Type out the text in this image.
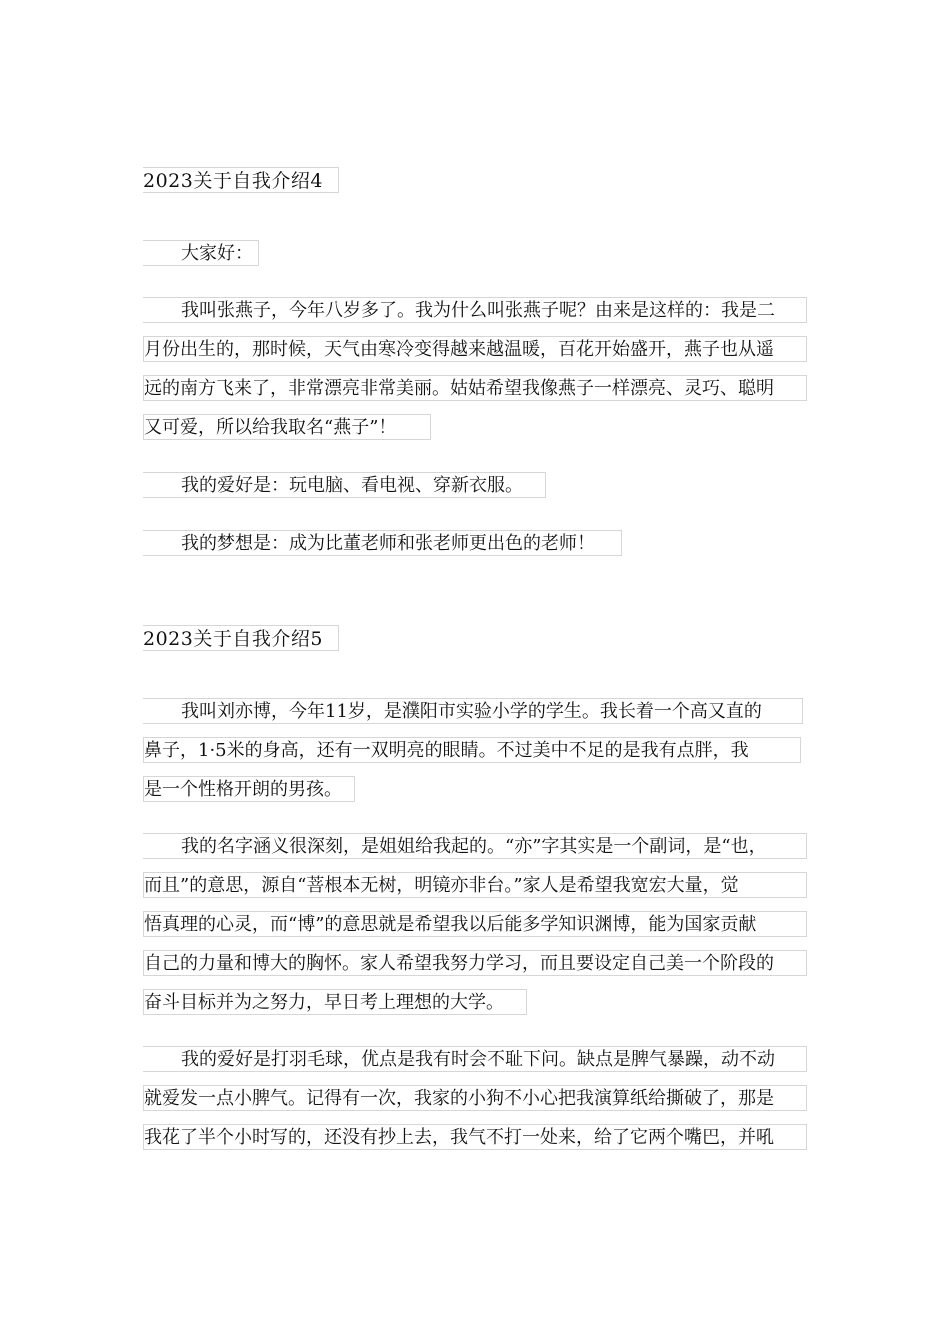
2023关于自我介绍4
大家好：
我叫张燕子，今年八岁多了。我为什么叫张燕子呢？由来是这样的：我是二
月份出生的，那时候，天气由寒冷变得越来越温暖，百花开始盛开，燕子也从遥
远的南方飞来了，非常漂亮非常美丽。姑姑希望我像燕子一样漂亮、灵巧、聪明
又可爱，所以给我取名“燕子”！
我的爱好是：玩电脑、看电视、穿新衣服。
我的梦想是：成为比董老师和张老师更出色的老师！
2023关于自我介绍5
我叫刘亦博，今年11岁，是濮阳市实验小学的学生。我长着一个高又直的
鼻子，1·5米的身高，还有一双明亮的眼睛。不过美中不足的是我有点胖，我
是一个性格开朗的男孩。
我的名字涵义很深刻，是姐姐给我起的。“亦”字其实是一个副词，是“也，
而且”的意思，源自“菩根本无树，明镜亦非台。”家人是希望我宽宏大量，觉
悟真理的心灵，而“博”的意思就是希望我以后能多学知识渊博，能为国家贡献
自己的力量和博大的胸怀。家人希望我努力学习，而且要设定自己美一个阶段的
奋斗目标并为之努力，早日考上理想的大学。
我的爱好是打羽毛球，优点是我有时会不耻下问。缺点是脾气暴躁，动不动
就爱发一点小脾气。记得有一次，我家的小狗不小心把我演算纸给撕破了，那是
我花了半个小时写的，还没有抄上去，我气不打一处来，给了它两个嘴巴，并吼
